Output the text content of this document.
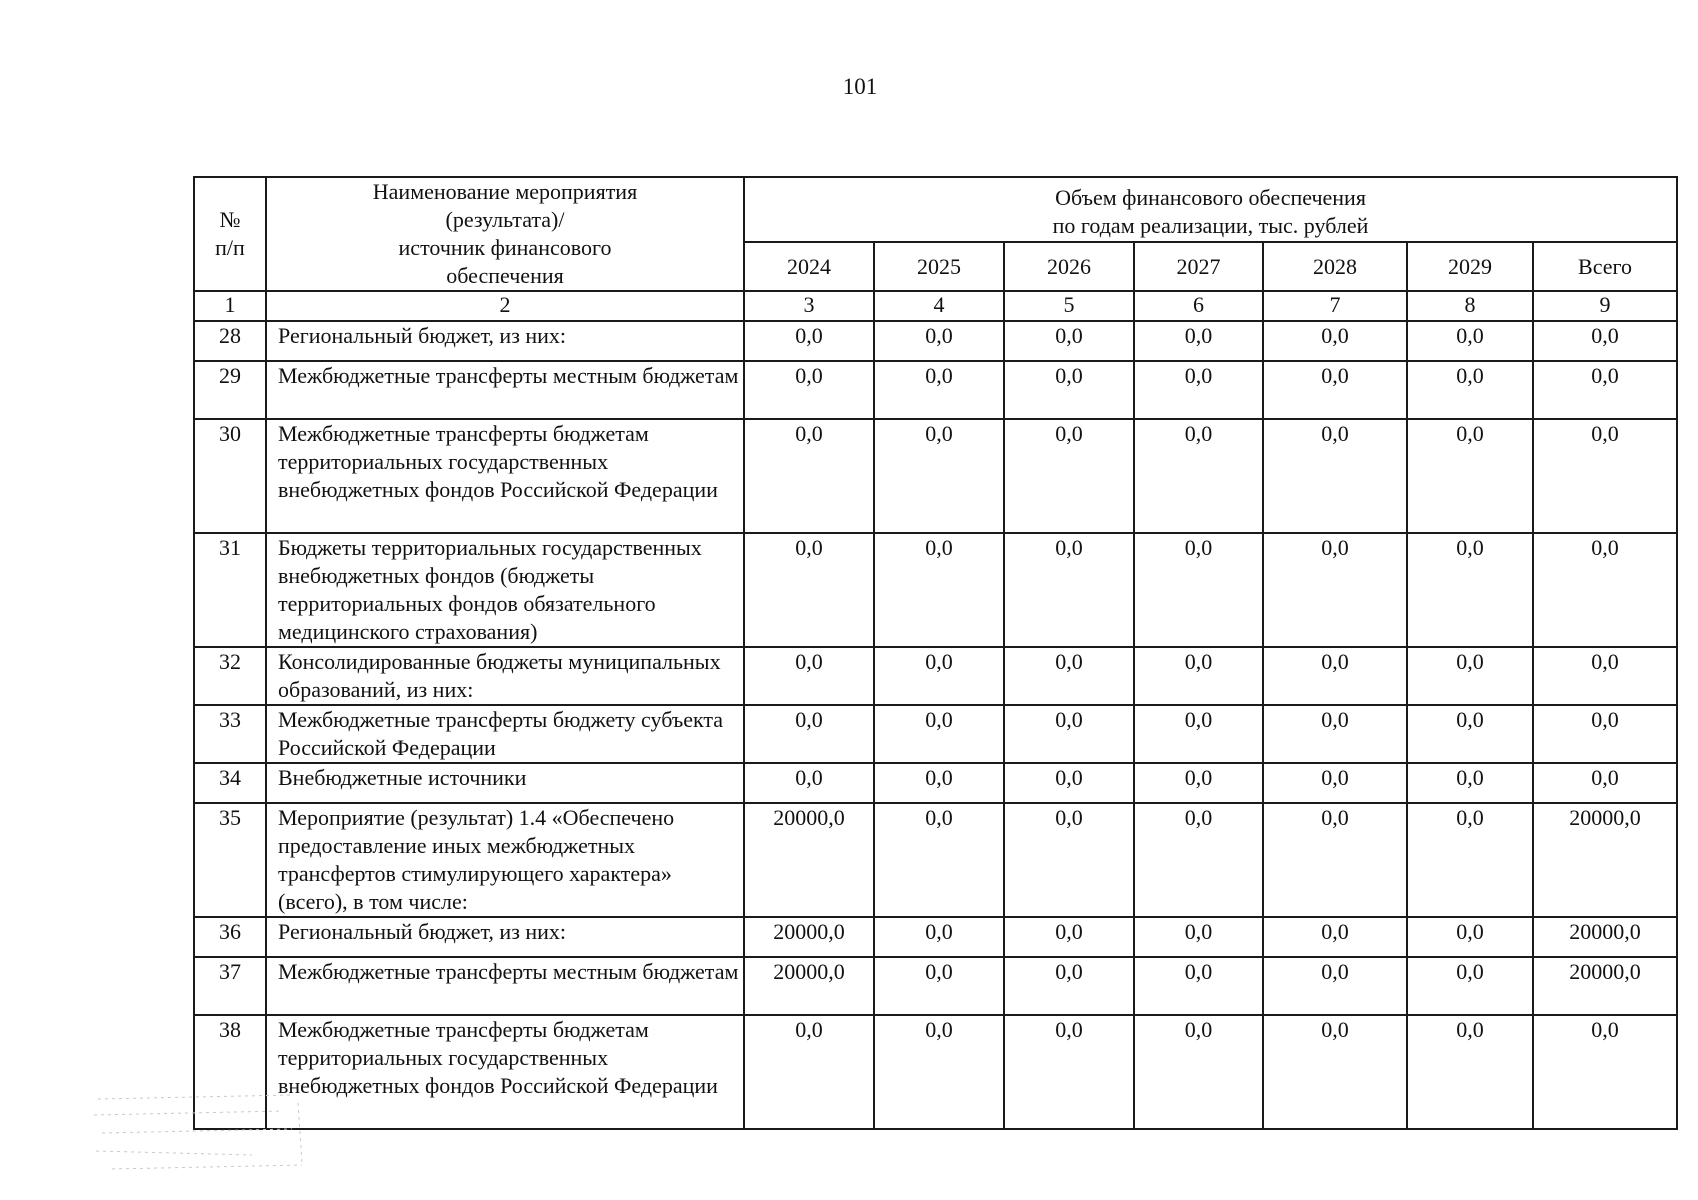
101
№
п/п	Наименование мероприятия
(результата)/
источник финансового
обеспечения	Объем финансового обеспечения
по годам реализации, тыс. рублей						

		2024	2025	2026	2027	2028	2029	Всего
1	2	3	4	5	6	7	8	9
28	Региональный бюджет, из них:	0,0	0,0	0,0	0,0	0,0	0,0	0,0
29	Межбюджетные трансферты местным бюджетам	0,0	0,0	0,0	0,0	0,0	0,0	0,0
30	Межбюджетные трансферты бюджетам территориальных государственных внебюджетных фондов Российской Федерации	0,0	0,0	0,0	0,0	0,0	0,0	0,0
31	Бюджеты территориальных государственных внебюджетных фондов (бюджеты территориальных фондов обязательного медицинского страхования)	0,0	0,0	0,0	0,0	0,0	0,0	0,0
32	Консолидированные бюджеты муниципальных образований, из них:	0,0	0,0	0,0	0,0	0,0	0,0	0,0
33	Межбюджетные трансферты бюджету субъекта Российской Федерации	0,0	0,0	0,0	0,0	0,0	0,0	0,0
34	Внебюджетные источники	0,0	0,0	0,0	0,0	0,0	0,0	0,0
35	Мероприятие (результат) 1.4 «Обеспечено предоставление иных межбюджетных трансфертов стимулирующего характера» (всего), в том числе:	20000,0	0,0	0,0	0,0	0,0	0,0	20000,0
36	Региональный бюджет, из них:	20000,0	0,0	0,0	0,0	0,0	0,0	20000,0
37	Межбюджетные трансферты местным бюджетам	20000,0	0,0	0,0	0,0	0,0	0,0	20000,0
38	Межбюджетные трансферты бюджетам территориальных государственных внебюджетных фондов Российской Федерации	0,0	0,0	0,0	0,0	0,0	0,0	0,0
